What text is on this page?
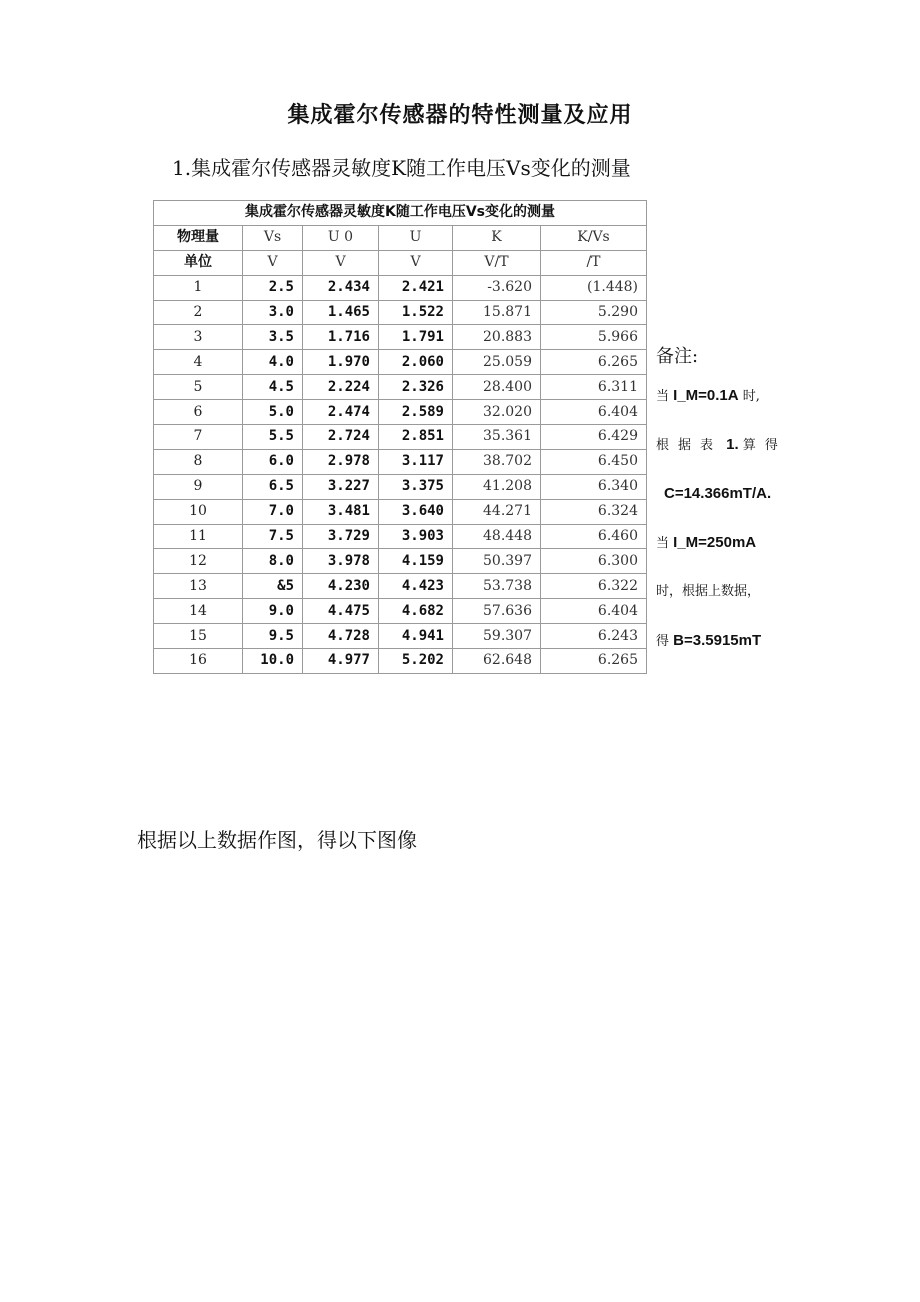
集成霍尔传感器的特性测量及应用
1.集成霍尔传感器灵敏度K随工作电压Vs变化的测量
集成霍尔传感器灵敏度K随工作电压Vs变化的测量					
物理量	Vs	U 0	U	K	K/Vs
单位	V	V	V	V/T	/T
1	2.5	2.434	2.421	-3.620	(1.448)
2	3.0	1.465	1.522	15.871	5.290
3	3.5	1.716	1.791	20.883	5.966
4	4.0	1.970	2.060	25.059	6.265
5	4.5	2.224	2.326	28.400	6.311
6	5.0	2.474	2.589	32.020	6.404
7	5.5	2.724	2.851	35.361	6.429
8	6.0	2.978	3.117	38.702	6.450
9	6.5	3.227	3.375	41.208	6.340
10	7.0	3.481	3.640	44.271	6.324
11	7.5	3.729	3.903	48.448	6.460
12	8.0	3.978	4.159	50.397	6.300
13	&5	4.230	4.423	53.738	6.322
14	9.0	4.475	4.682	57.636	6.404
15	9.5	4.728	4.941	59.307	6.243
16	10.0	4.977	5.202	62.648	6.265
备注:
当 I_M=0.1A 时,
根据表 1. 算得
C=14.366mT/A.
当 I_M=250mA
时，根据上数据，
得 B=3.5915mT
根据以上数据作图，得以下图像
